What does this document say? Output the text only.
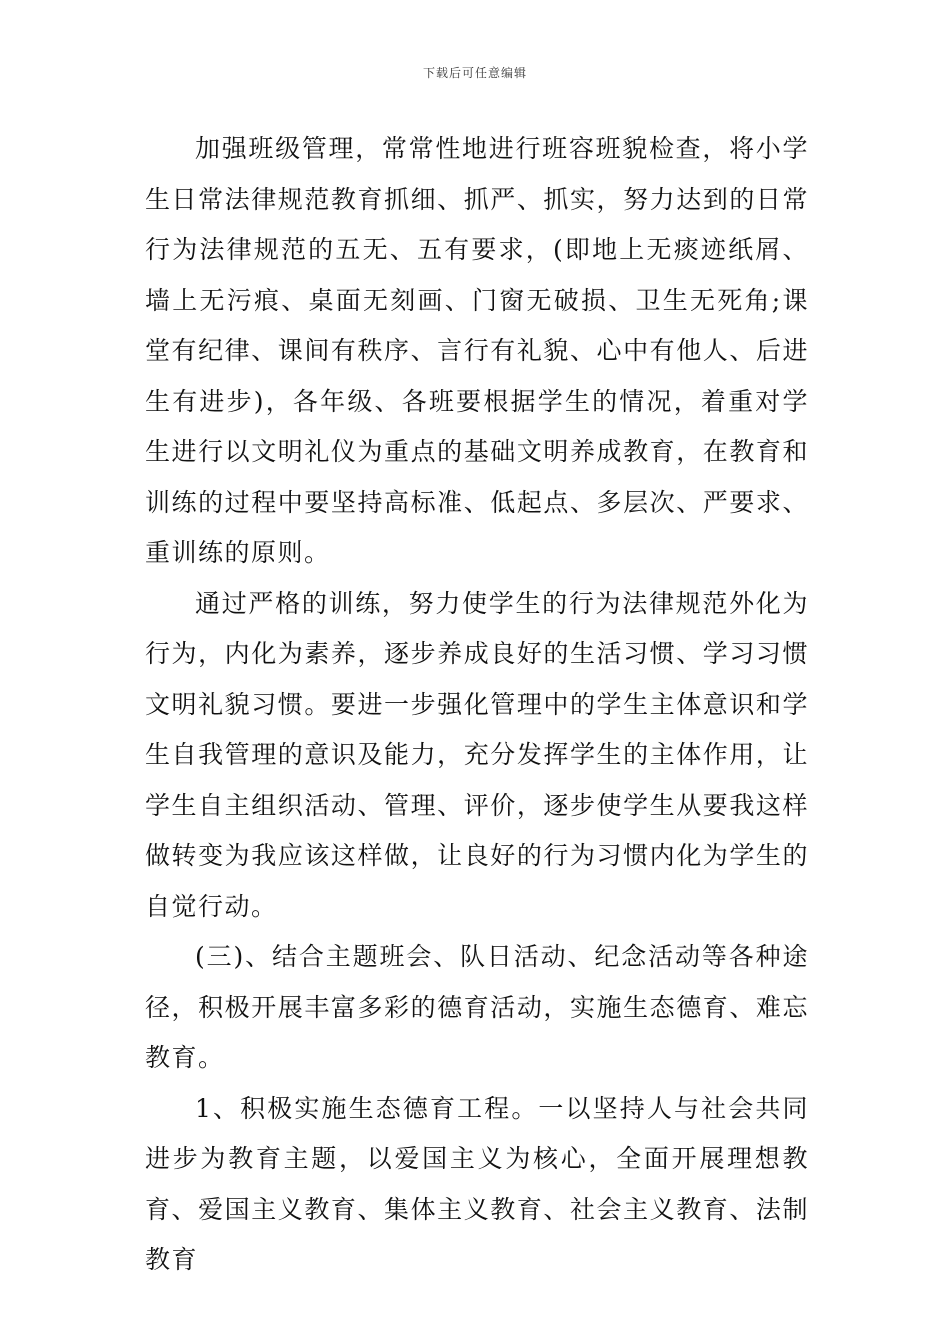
下载后可任意编辑

加强班级管理，常常性地进行班容班貌检查，将小学生日常法律规范教育抓细、抓严、抓实，努力达到的日常行为法律规范的五无、五有要求，(即地上无痰迹纸屑、墙上无污痕、桌面无刻画、门窗无破损、卫生无死角;课堂有纪律、课间有秩序、言行有礼貌、心中有他人、后进生有进步)，各年级、各班要根据学生的情况，着重对学生进行以文明礼仪为重点的基础文明养成教育，在教育和训练的过程中要坚持高标准、低起点、多层次、严要求、重训练的原则。

通过严格的训练，努力使学生的行为法律规范外化为行为，内化为素养，逐步养成良好的生活习惯、学习习惯文明礼貌习惯。要进一步强化管理中的学生主体意识和学生自我管理的意识及能力，充分发挥学生的主体作用，让学生自主组织活动、管理、评价，逐步使学生从要我这样做转变为我应该这样做，让良好的行为习惯内化为学生的自觉行动。

(三)、结合主题班会、队日活动、纪念活动等各种途径，积极开展丰富多彩的德育活动，实施生态德育、难忘教育。

1、积极实施生态德育工程。一以坚持人与社会共同进步为教育主题，以爱国主义为核心，全面开展理想教育、爱国主义教育、集体主义教育、社会主义教育、法制教育
